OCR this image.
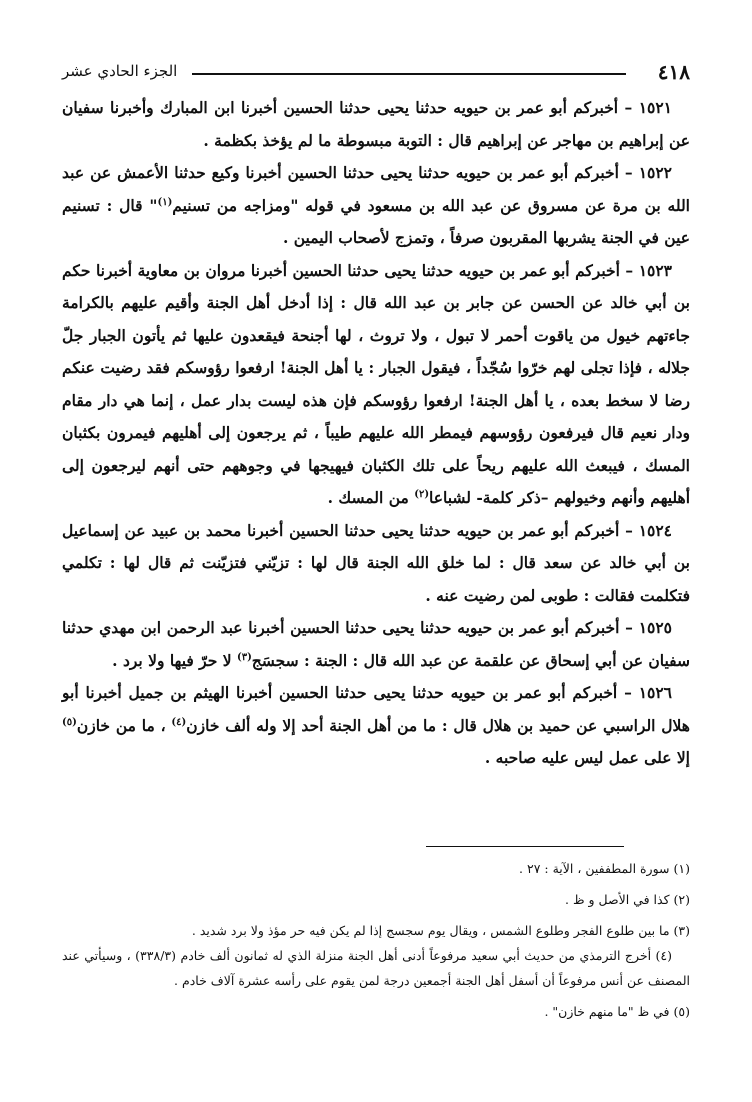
٤١٨
الجزء الحادي عشر

١٥٢١ – أخبركم أبو عمر بن حيويه حدثنا يحيى حدثنا الحسين أخبرنا ابن المبارك وأخبرنا سفيان عن إبراهيم بن مهاجر عن إبراهيم قال : التوبة مبسوطة ما لم يؤخذ بكظمة .

١٥٢٢ – أخبركم أبو عمر بن حيويه حدثنا يحيى حدثنا الحسين أخبرنا وكيع حدثنا الأعمش عن عبد الله بن مرة عن مسروق عن عبد الله بن مسعود في قوله "ومزاجه من تسنيم$^{(١)}$" قال : تسنيم عين في الجنة يشربها المقربون صرفاً ، وتمزج لأصحاب اليمين .

١٥٢٣ – أخبركم أبو عمر بن حيويه حدثنا يحيى حدثنا الحسين أخبرنا مروان بن معاوية أخبرنا حكم بن أبي خالد عن الحسن عن جابر بن عبد الله قال : إذا أدخل أهل الجنة وأقيم عليهم بالكرامة جاءتهم خيول من ياقوت أحمر لا تبول ، ولا تروث ، لها أجنحة فيقعدون عليها ثم يأتون الجبار جلّ جلاله ، فإذا تجلى لهم خرّوا سُجّداً ، فيقول الجبار : يا أهل الجنة! ارفعوا رؤوسكم فقد رضيت عنكم رضا لا سخط بعده ، يا أهل الجنة! ارفعوا رؤوسكم فإن هذه ليست بدار عمل ، إنما هي دار مقام ودار نعيم قال فيرفعون رؤوسهم فيمطر الله عليهم طيباً ، ثم يرجعون إلى أهليهم فيمرون بكثبان المسك ، فيبعث الله عليهم ريحاً على تلك الكثبان فيهيجها في وجوههم حتى أنهم ليرجعون إلى أهليهم وأنهم وخيولهم –ذكر كلمة- لشباعا$^{(٢)}$ من المسك .

١٥٢٤ – أخبركم أبو عمر بن حيويه حدثنا يحيى حدثنا الحسين أخبرنا محمد بن عبيد عن إسماعيل بن أبي خالد عن سعد قال : لما خلق الله الجنة قال لها : تزيّني فتزيّنت ثم قال لها : تكلمي فتكلمت فقالت : طوبى لمن رضيت عنه .

١٥٢٥ – أخبركم أبو عمر بن حيويه حدثنا يحيى حدثنا الحسين أخبرنا عبد الرحمن ابن مهدي حدثنا سفيان عن أبي إسحاق عن علقمة عن عبد الله قال : الجنة : سجسَج$^{(٣)}$ لا حرّ فيها ولا برد .

١٥٢٦ – أخبركم أبو عمر بن حيويه حدثنا يحيى حدثنا الحسين أخبرنا الهيثم بن جميل أخبرنا أبو هلال الراسبي عن حميد بن هلال قال : ما من أهل الجنة أحد إلا وله ألف خازن$^{(٤)}$ ، ما من خازن$^{(٥)}$ إلا على عمل ليس عليه صاحبه .

(١) سورة المطففين ، الآية : ٢٧ .

(٢) كذا في الأصل و ظ .

(٣) ما بين طلوع الفجر وطلوع الشمس ، ويقال يوم سجسج إذا لم يكن فيه حر مؤذ ولا برد شديد .

(٤) أخرج الترمذي من حديث أبي سعيد مرفوعاً أدنى أهل الجنة منزلة الذي له ثمانون ألف خادم (٣٣٨/٣) ، وسيأتي عند المصنف عن أنس مرفوعاً أن أسفل أهل الجنة أجمعين درجة لمن يقوم على رأسه عشرة آلاف خادم .

(٥) في ظ "ما منهم خازن" .
